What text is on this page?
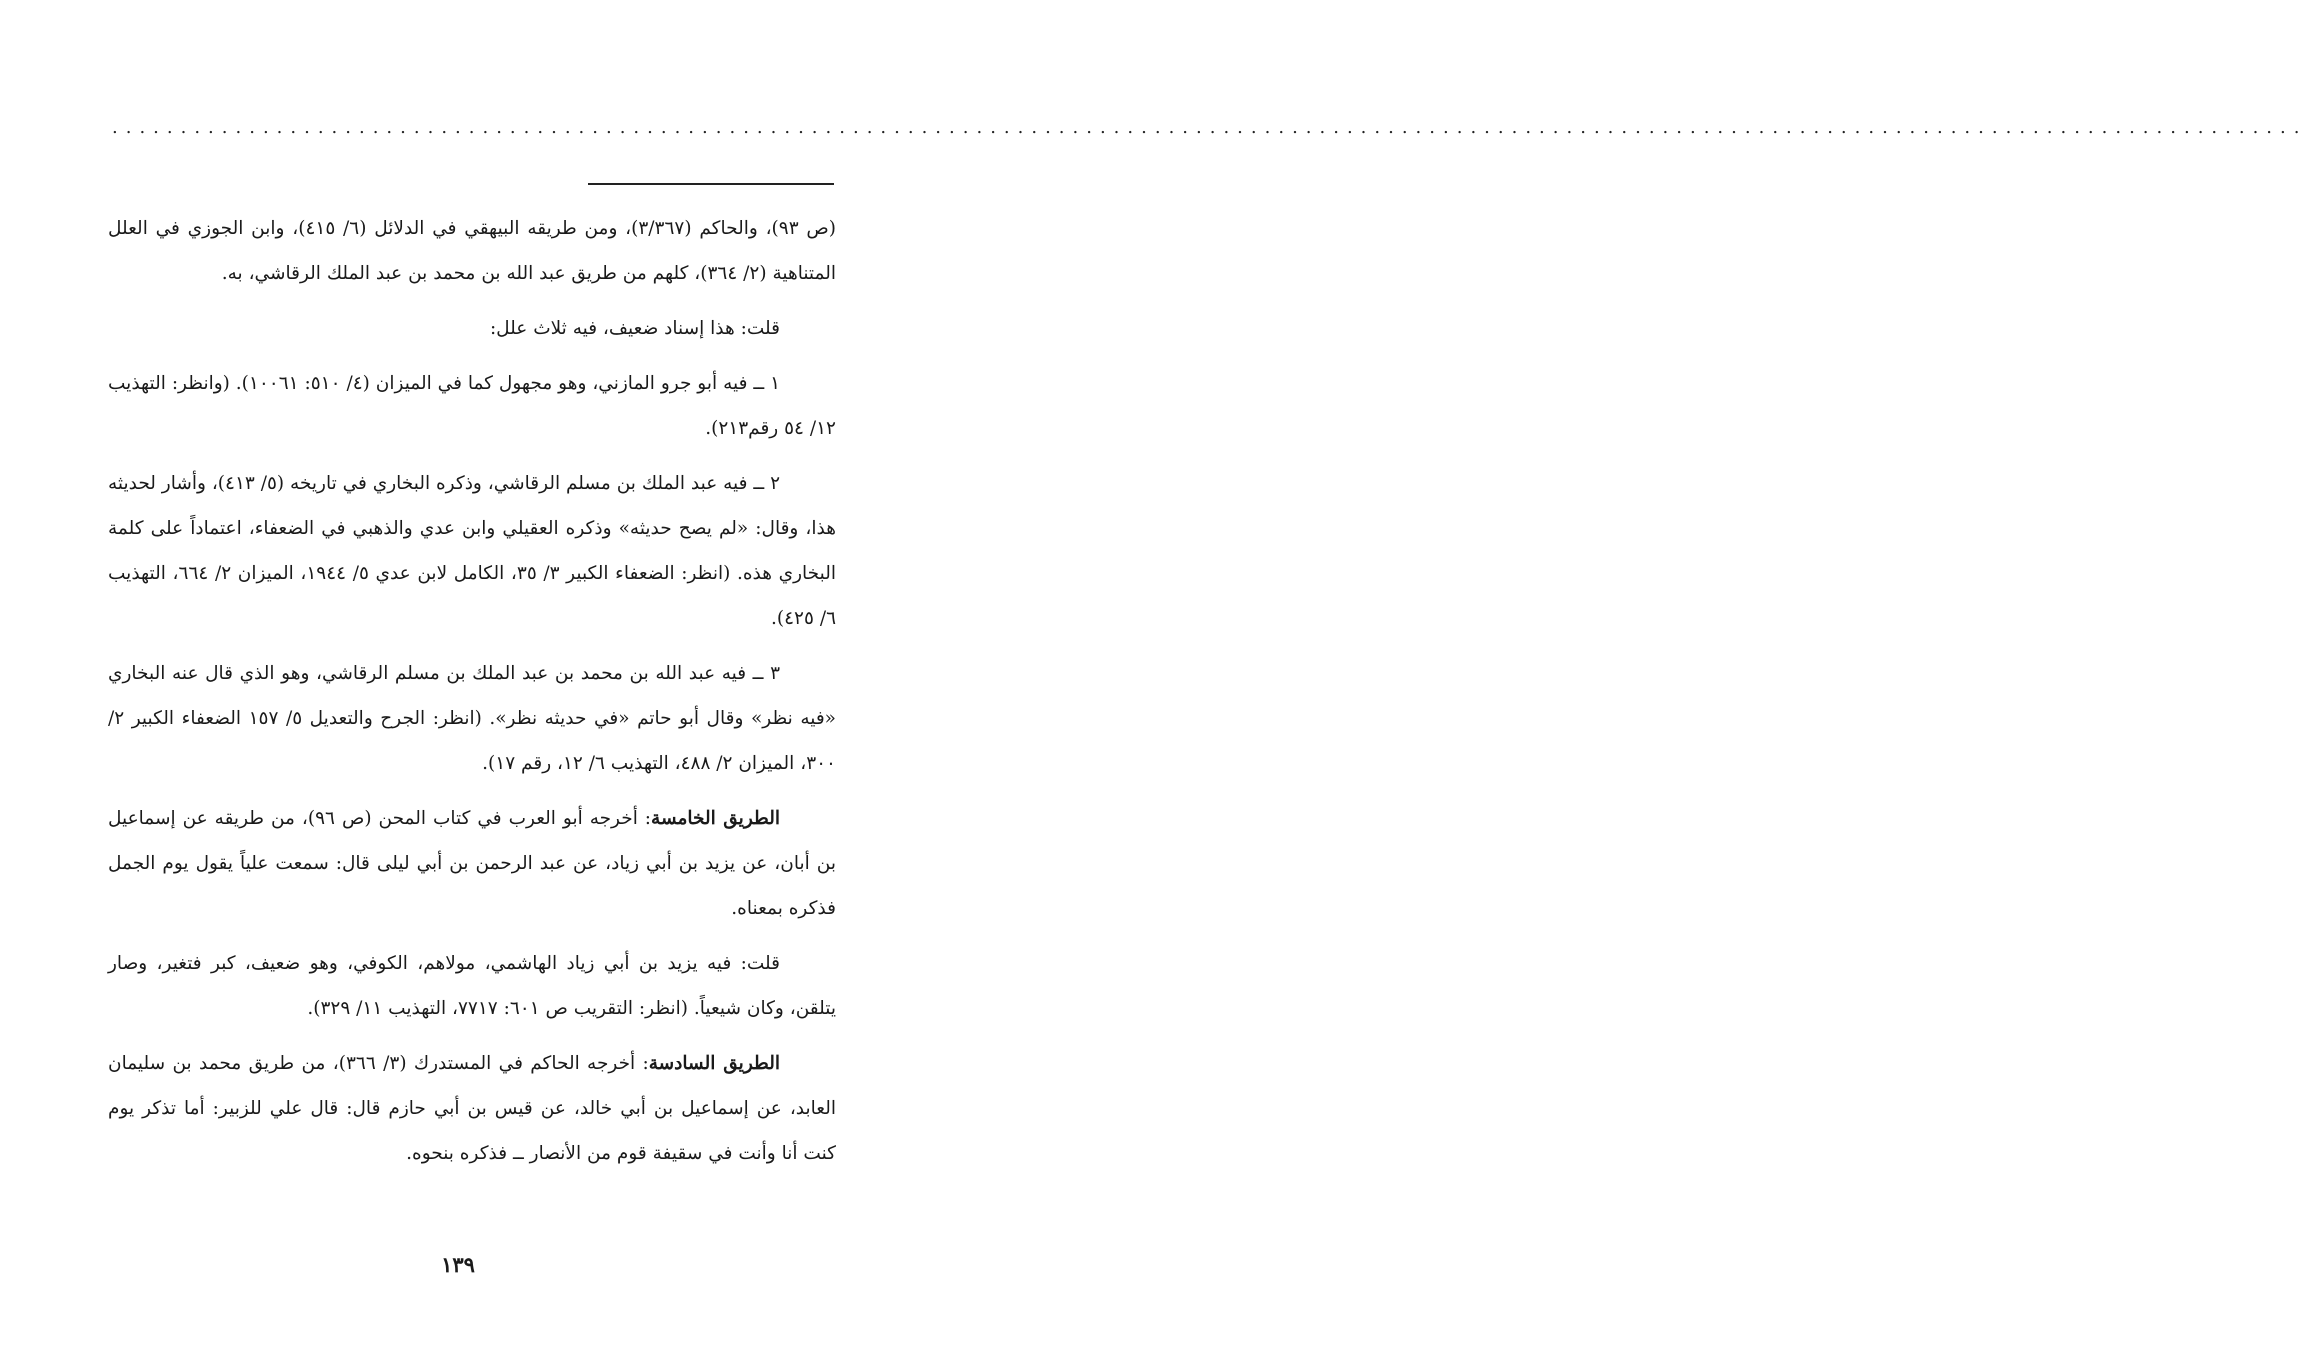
................................................................................................................................................................

(ص ٩٣)، والحاكم (٣/٣٦٧)، ومن طريقه البيهقي في الدلائل (٦/ ٤١٥)، وابن الجوزي في العلل المتناهية (٢/ ٣٦٤)، كلهم من طريق عبد الله بن محمد بن عبد الملك الرقاشي، به.

قلت: هذا إسناد ضعيف، فيه ثلاث علل:

١ ــ فيه أبو جرو المازني، وهو مجهول كما في الميزان (٤/ ٥١٠: ١٠٠٦١). (وانظر: التهذيب ١٢/ ٥٤ رقم٢١٣).

٢ ــ فيه عبد الملك بن مسلم الرقاشي، وذكره البخاري في تاريخه (٥/ ٤١٣)، وأشار لحديثه هذا، وقال: «لم يصح حديثه» وذكره العقيلي وابن عدي والذهبي في الضعفاء، اعتماداً على كلمة البخاري هذه. (انظر: الضعفاء الكبير ٣/ ٣٥، الكامل لابن عدي ٥/ ١٩٤٤، الميزان ٢/ ٦٦٤، التهذيب ٦/ ٤٢٥).

٣ ــ فيه عبد الله بن محمد بن عبد الملك بن مسلم الرقاشي، وهو الذي قال عنه البخاري «فيه نظر» وقال أبو حاتم «في حديثه نظر». (انظر: الجرح والتعديل ٥/ ١٥٧ الضعفاء الكبير ٢/ ٣٠٠، الميزان ٢/ ٤٨٨، التهذيب ٦/ ١٢، رقم ١٧).

الطريق الخامسة: أخرجه أبو العرب في كتاب المحن (ص ٩٦)، من طريقه عن إسماعيل بن أبان، عن يزيد بن أبي زياد، عن عبد الرحمن بن أبي ليلى قال: سمعت علياً يقول يوم الجمل فذكره بمعناه.

قلت: فيه يزيد بن أبي زياد الهاشمي، مولاهم، الكوفي، وهو ضعيف، كبر فتغير، وصار يتلقن، وكان شيعياً. (انظر: التقريب ص ٦٠١: ٧٧١٧، التهذيب ١١/ ٣٢٩).

الطريق السادسة: أخرجه الحاكم في المستدرك (٣/ ٣٦٦)، من طريق محمد بن سليمان العابد، عن إسماعيل بن أبي خالد، عن قيس بن أبي حازم قال: قال علي للزبير: أما تذكر يوم كنت أنا وأنت في سقيفة قوم من الأنصار ــ فذكره بنحوه.

١٣٩
